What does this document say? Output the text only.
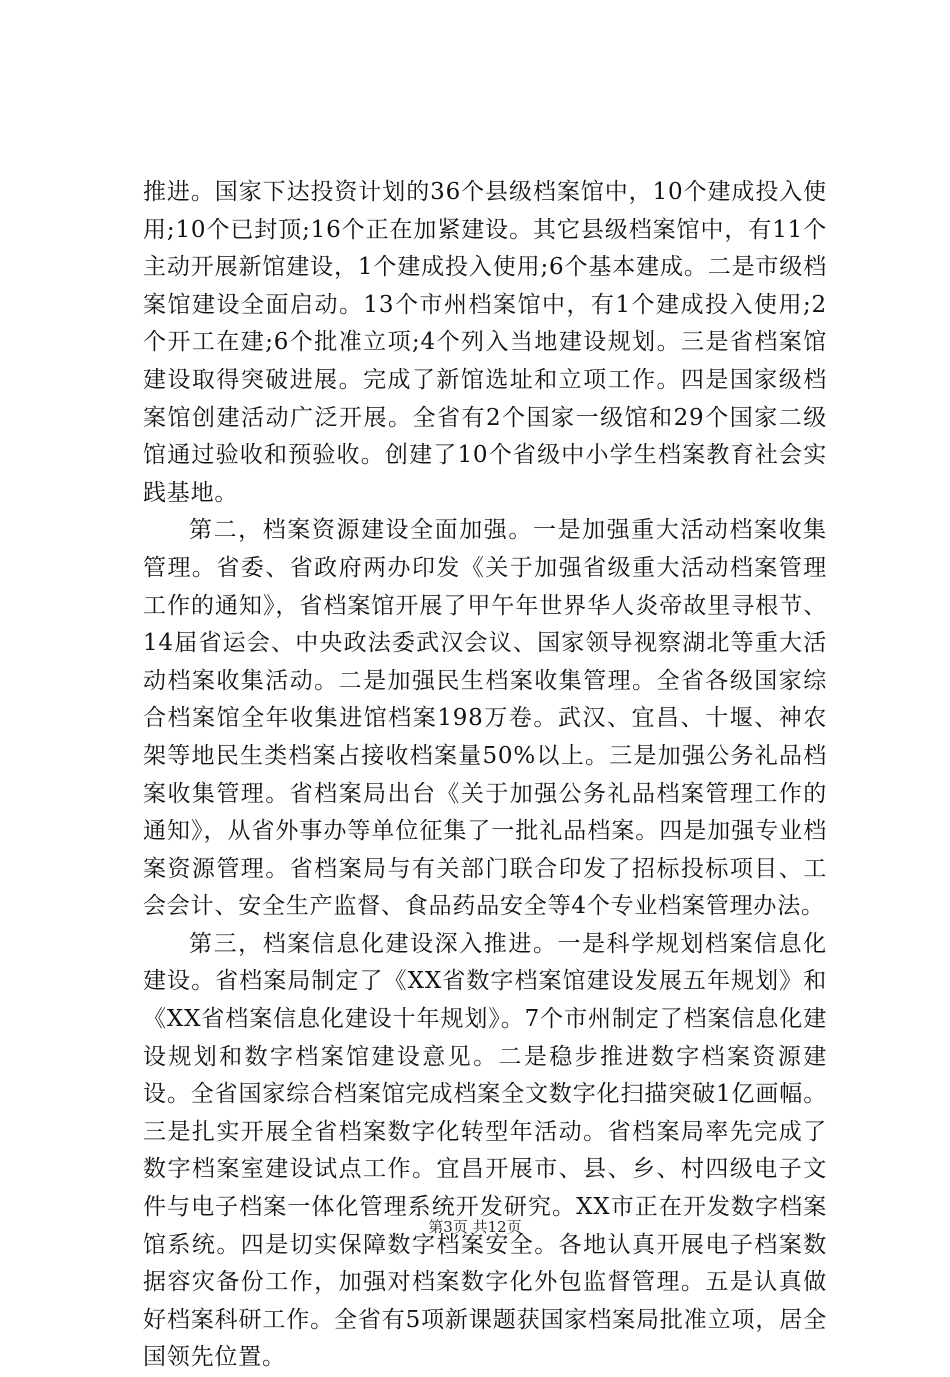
推进。国家下达投资计划的36个县级档案馆中，10个建成投入使用;10个已封顶;16个正在加紧建设。其它县级档案馆中，有11个主动开展新馆建设，1个建成投入使用;6个基本建成。二是市级档案馆建设全面启动。13个市州档案馆中，有1个建成投入使用;2个开工在建;6个批准立项;4个列入当地建设规划。三是省档案馆建设取得突破进展。完成了新馆选址和立项工作。四是国家级档案馆创建活动广泛开展。全省有2个国家一级馆和29个国家二级馆通过验收和预验收。创建了10个省级中小学生档案教育社会实践基地。

第二，档案资源建设全面加强。一是加强重大活动档案收集管理。省委、省政府两办印发《关于加强省级重大活动档案管理工作的通知》，省档案馆开展了甲午年世界华人炎帝故里寻根节、14届省运会、中央政法委武汉会议、国家领导视察湖北等重大活动档案收集活动。二是加强民生档案收集管理。全省各级国家综合档案馆全年收集进馆档案198万卷。武汉、宜昌、十堰、神农架等地民生类档案占接收档案量50%以上。三是加强公务礼品档案收集管理。省档案局出台《关于加强公务礼品档案管理工作的通知》，从省外事办等单位征集了一批礼品档案。四是加强专业档案资源管理。省档案局与有关部门联合印发了招标投标项目、工会会计、安全生产监督、食品药品安全等4个专业档案管理办法。

第三，档案信息化建设深入推进。一是科学规划档案信息化建设。省档案局制定了《XX省数字档案馆建设发展五年规划》和《XX省档案信息化建设十年规划》。7个市州制定了档案信息化建设规划和数字档案馆建设意见。二是稳步推进数字档案资源建设。全省国家综合档案馆完成档案全文数字化扫描突破1亿画幅。三是扎实开展全省档案数字化转型年活动。省档案局率先完成了数字档案室建设试点工作。宜昌开展市、县、乡、村四级电子文件与电子档案一体化管理系统开发研究。XX市正在开发数字档案馆系统。四是切实保障数字档案安全。各地认真开展电子档案数据容灾备份工作，加强对档案数字化外包监督管理。五是认真做好档案科研工作。全省有5项新课题获国家档案局批准立项，居全国领先位置。

第3页 共12页
